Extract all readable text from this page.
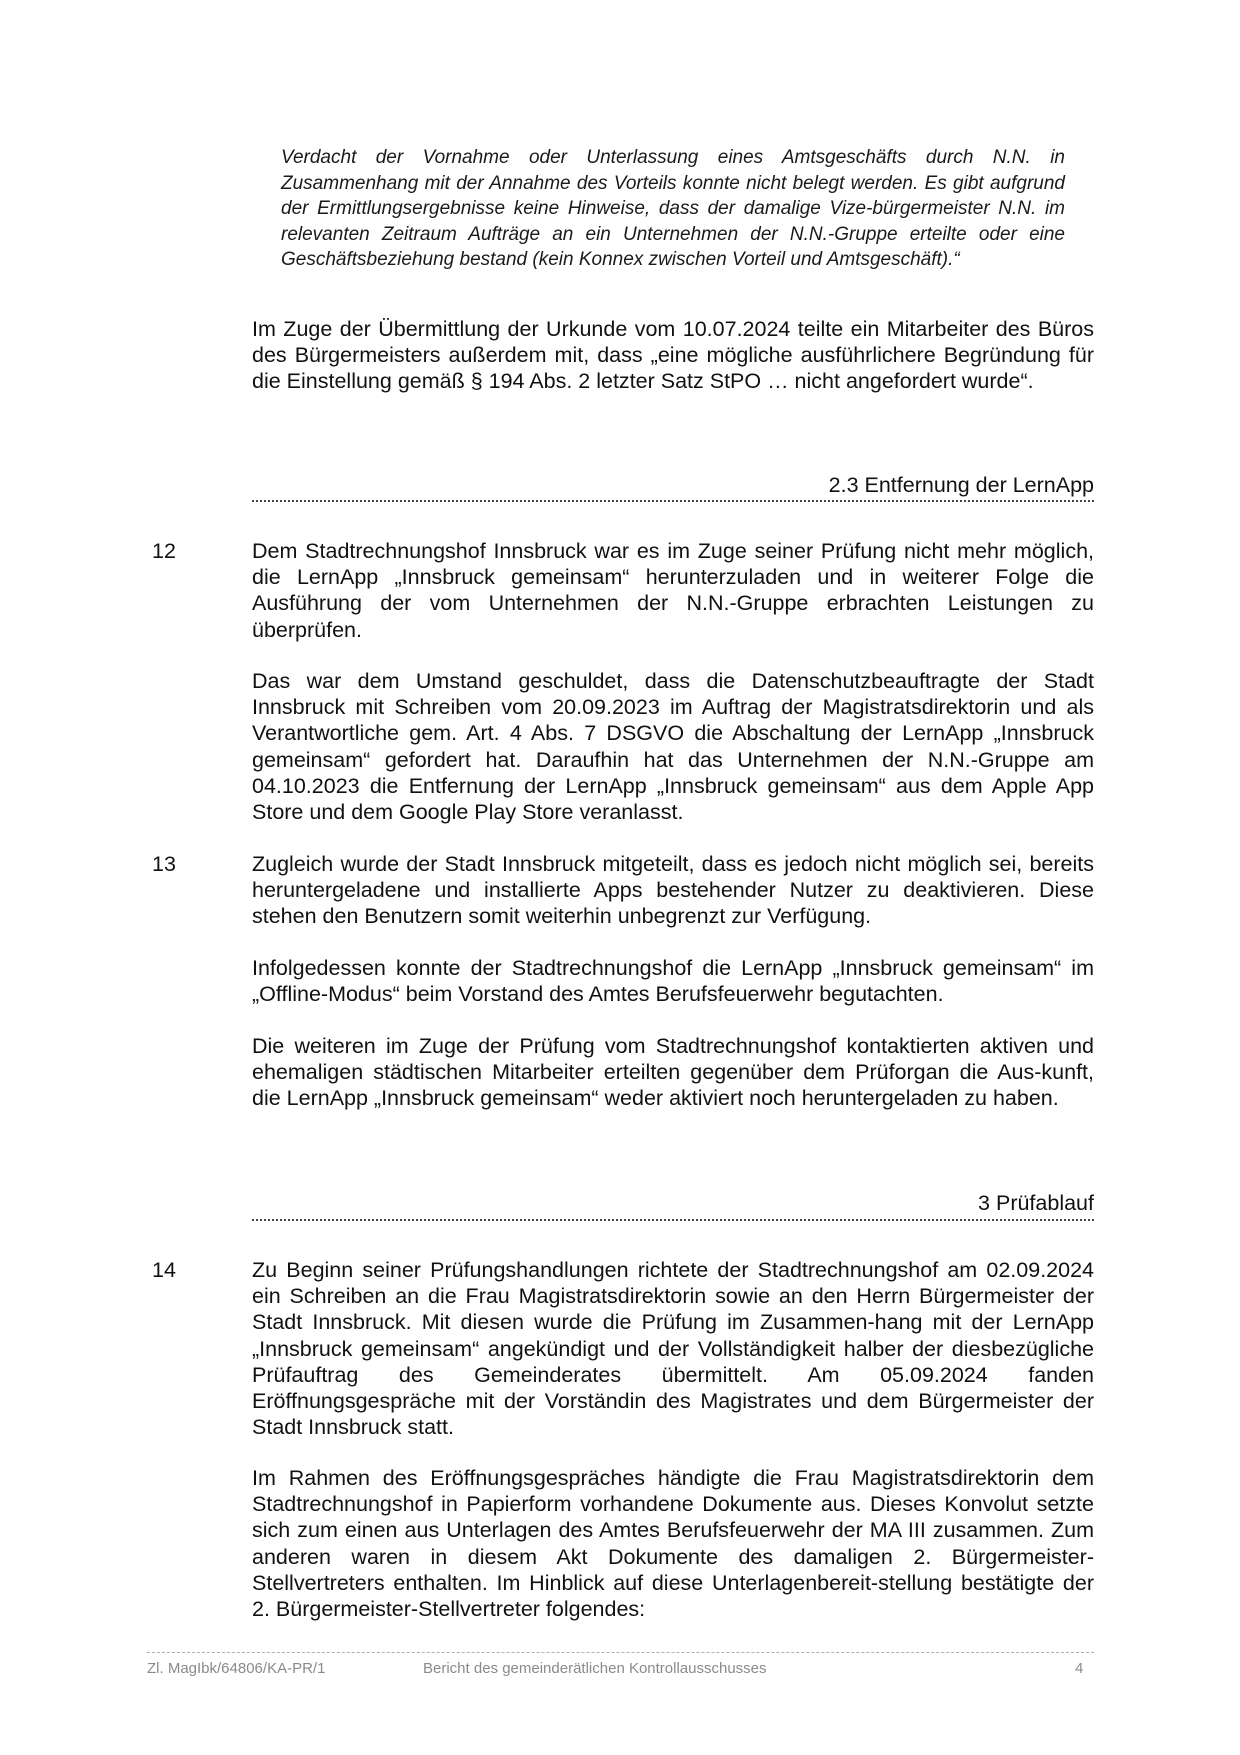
Verdacht der Vornahme oder Unterlassung eines Amtsgeschäfts durch N.N. in Zusammenhang mit der Annahme des Vorteils konnte nicht belegt werden. Es gibt aufgrund der Ermittlungsergebnisse keine Hinweise, dass der damalige Vize-bürgermeister N.N. im relevanten Zeitraum Aufträge an ein Unternehmen der N.N.-Gruppe erteilte oder eine Geschäftsbeziehung bestand (kein Konnex zwischen Vorteil und Amtsgeschäft).“
Im Zuge der Übermittlung der Urkunde vom 10.07.2024 teilte ein Mitarbeiter des Büros des Bürgermeisters außerdem mit, dass „eine mögliche ausführlichere Begründung für die Einstellung gemäß § 194 Abs. 2 letzter Satz StPO … nicht angefordert wurde“.
2.3 Entfernung der LernApp
12	Dem Stadtrechnungshof Innsbruck war es im Zuge seiner Prüfung nicht mehr möglich, die LernApp „Innsbruck gemeinsam“ herunterzuladen und in weiterer Folge die Ausführung der vom Unternehmen der N.N.-Gruppe erbrachten Leistungen zu überprüfen.
Das war dem Umstand geschuldet, dass die Datenschutzbeauftragte der Stadt Innsbruck mit Schreiben vom 20.09.2023 im Auftrag der Magistratsdirektorin und als Verantwortliche gem. Art. 4 Abs. 7 DSGVO die Abschaltung der LernApp „Innsbruck gemeinsam“ gefordert hat. Daraufhin hat das Unternehmen der N.N.-Gruppe am 04.10.2023 die Entfernung der LernApp „Innsbruck gemeinsam“ aus dem Apple App Store und dem Google Play Store veranlasst.
13	Zugleich wurde der Stadt Innsbruck mitgeteilt, dass es jedoch nicht möglich sei, bereits heruntergeladene und installierte Apps bestehender Nutzer zu deaktivieren. Diese stehen den Benutzern somit weiterhin unbegrenzt zur Verfügung.
Infolgedessen konnte der Stadtrechnungshof die LernApp „Innsbruck gemeinsam“ im „Offline-Modus“ beim Vorstand des Amtes Berufsfeuerwehr begutachten.
Die weiteren im Zuge der Prüfung vom Stadtrechnungshof kontaktierten aktiven und ehemaligen städtischen Mitarbeiter erteilten gegenüber dem Prüforgan die Aus-kunft, die LernApp „Innsbruck gemeinsam“ weder aktiviert noch heruntergeladen zu haben.
3 Prüfablauf
14	Zu Beginn seiner Prüfungshandlungen richtete der Stadtrechnungshof am 02.09.2024 ein Schreiben an die Frau Magistratsdirektorin sowie an den Herrn Bürgermeister der Stadt Innsbruck. Mit diesen wurde die Prüfung im Zusammen-hang mit der LernApp „Innsbruck gemeinsam“ angekündigt und der Vollständigkeit halber der diesbezügliche Prüfauftrag des Gemeinderates übermittelt. Am 05.09.2024 fanden Eröffnungsgespräche mit der Vorständin des Magistrates und dem Bürgermeister der Stadt Innsbruck statt.
Im Rahmen des Eröffnungsgespräches händigte die Frau Magistratsdirektorin dem Stadtrechnungshof in Papierform vorhandene Dokumente aus. Dieses Konvolut setzte sich zum einen aus Unterlagen des Amtes Berufsfeuerwehr der MA III zusammen. Zum anderen waren in diesem Akt Dokumente des damaligen 2. Bürgermeister-Stellvertreters enthalten. Im Hinblick auf diese Unterlagenbereit-stellung bestätigte der 2. Bürgermeister-Stellvertreter folgendes:
Zl. MagIbk/64806/KA-PR/1	Bericht des gemeinderätlichen Kontrollausschusses	4
